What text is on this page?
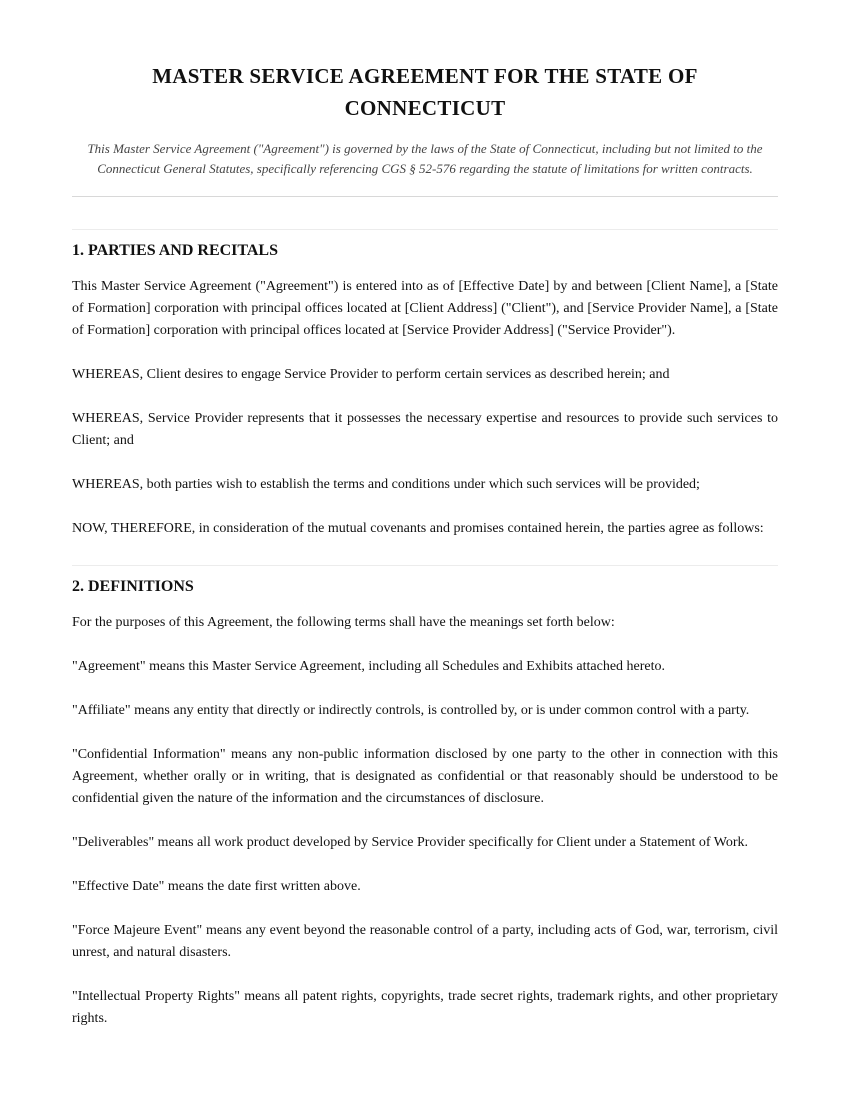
MASTER SERVICE AGREEMENT FOR THE STATE OF CONNECTICUT

This Master Service Agreement ("Agreement") is governed by the laws of the State of Connecticut, including but not limited to the Connecticut General Statutes, specifically referencing CGS § 52-576 regarding the statute of limitations for written contracts.

1. PARTIES AND RECITALS

This Master Service Agreement ("Agreement") is entered into as of [Effective Date] by and between [Client Name], a [State of Formation] corporation with principal offices located at [Client Address] ("Client"), and [Service Provider Name], a [State of Formation] corporation with principal offices located at [Service Provider Address] ("Service Provider").

WHEREAS, Client desires to engage Service Provider to perform certain services as described herein; and

WHEREAS, Service Provider represents that it possesses the necessary expertise and resources to provide such services to Client; and

WHEREAS, both parties wish to establish the terms and conditions under which such services will be provided;

NOW, THEREFORE, in consideration of the mutual covenants and promises contained herein, the parties agree as follows:

2. DEFINITIONS

For the purposes of this Agreement, the following terms shall have the meanings set forth below:

"Agreement" means this Master Service Agreement, including all Schedules and Exhibits attached hereto.

"Affiliate" means any entity that directly or indirectly controls, is controlled by, or is under common control with a party.

"Confidential Information" means any non-public information disclosed by one party to the other in connection with this Agreement, whether orally or in writing, that is designated as confidential or that reasonably should be understood to be confidential given the nature of the information and the circumstances of disclosure.

"Deliverables" means all work product developed by Service Provider specifically for Client under a Statement of Work.

"Effective Date" means the date first written above.

"Force Majeure Event" means any event beyond the reasonable control of a party, including acts of God, war, terrorism, civil unrest, and natural disasters.

"Intellectual Property Rights" means all patent rights, copyrights, trade secret rights, trademark rights, and other proprietary rights.
